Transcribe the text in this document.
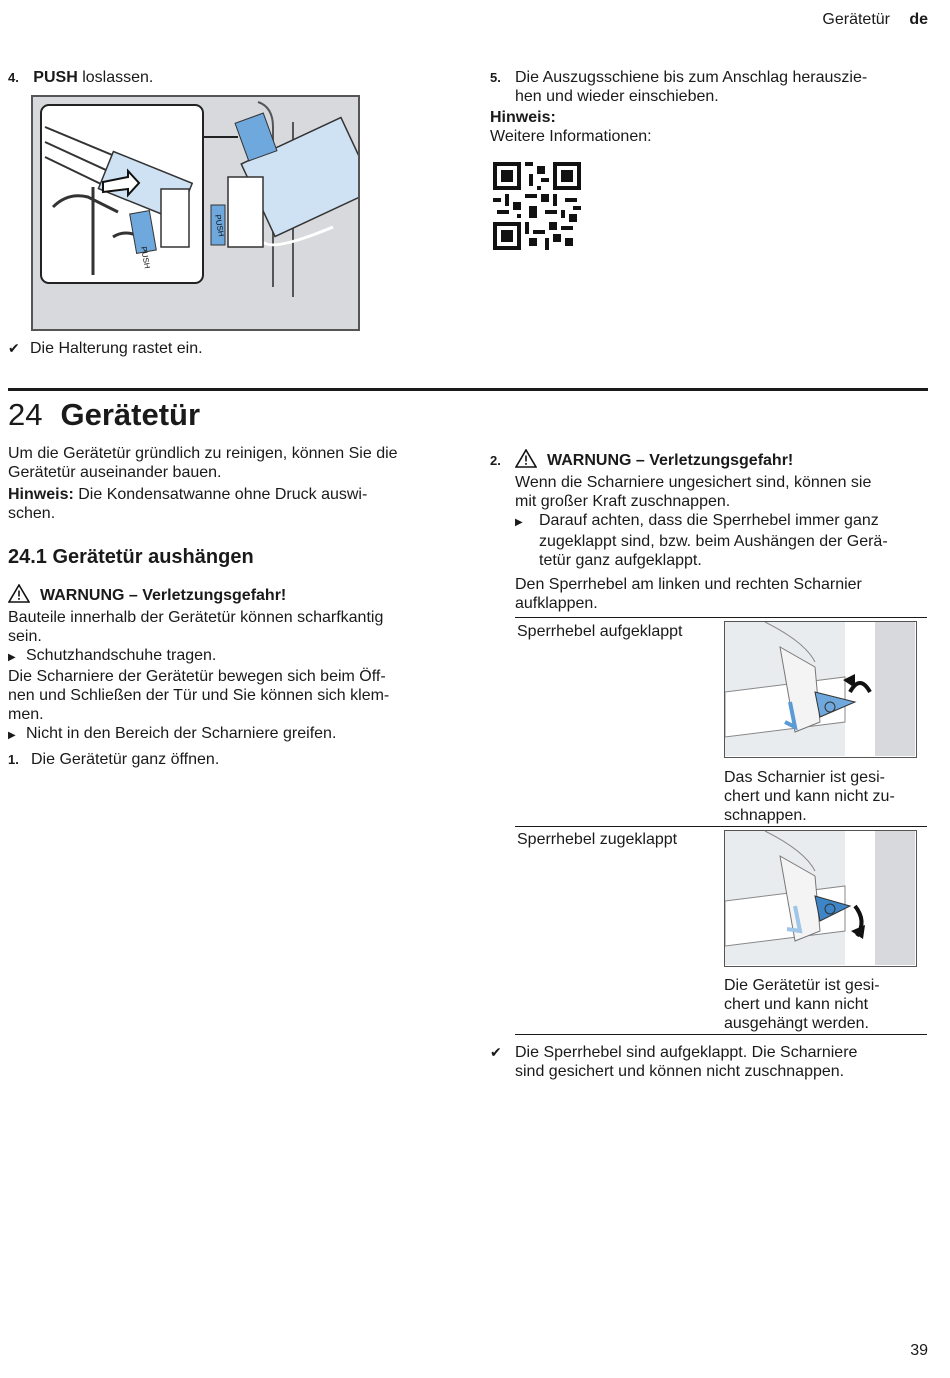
Gerätetür de
4. PUSH loslassen.
PUSH
PUSH
✔ Die Halterung rastet ein.
5. Die Auszugsschiene bis zum Anschlag herauszie-
hen und wieder einschieben.
Hinweis:
Weitere Informationen:
24 Gerätetür
Um die Gerätetür gründlich zu reinigen, können Sie die
Gerätetür auseinander bauen.
Hinweis: Die Kondensatwanne ohne Druck auswi-
schen.
24.1 Gerätetür aushängen
WARNUNG – Verletzungsgefahr!
Bauteile innerhalb der Gerätetür können scharfkantig
sein.
▶ Schutzhandschuhe tragen.
Die Scharniere der Gerätetür bewegen sich beim Öff-
nen und Schließen der Tür und Sie können sich klem-
men.
▶ Nicht in den Bereich der Scharniere greifen.
1. Die Gerätetür ganz öffnen.
2.	WARNUNG – Verletzungsgefahr!
Wenn die Scharniere ungesichert sind, können sie
mit großer Kraft zuschnappen.
▶ Darauf achten, dass die Sperrhebel immer ganz
zugeklappt sind, bzw. beim Aushängen der Gerä-
tetür ganz aufgeklappt.
Den Sperrhebel am linken und rechten Scharnier
aufklappen.
Sperrhebel aufgeklappt
Das Scharnier ist gesi-
chert und kann nicht zu-
schnappen.
Sperrhebel zugeklappt
Die Gerätetür ist gesi-
chert und kann nicht
ausgehängt werden.
✔ Die Sperrhebel sind aufgeklappt. Die Scharniere
sind gesichert und können nicht zuschnappen.
39
